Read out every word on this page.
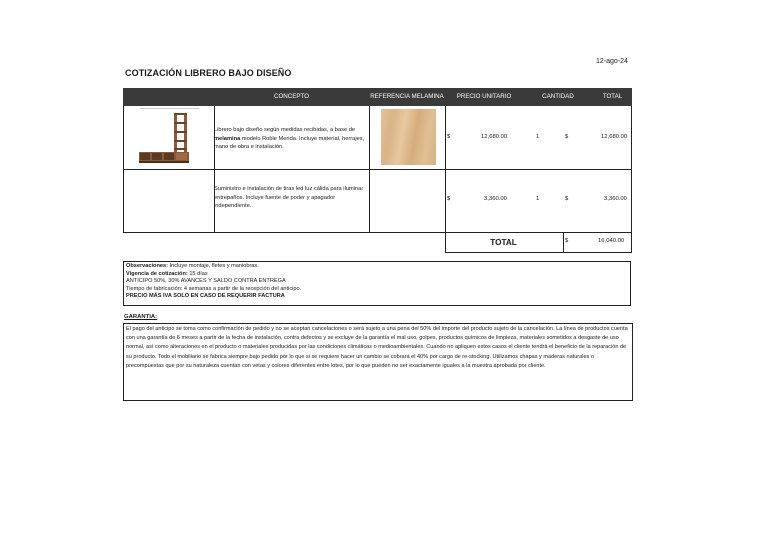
12-ago-24
COTIZACIÓN LIBRERO BAJO DISEÑO
CONCEPTO	REFERENCIA MELAMINA	PRECIO UNITARIO	CANTIDAD	TOTAL
Librero bajo diseño según medidas recibidas, a base de melamina modelo Roble Merida. Incluye material, herrajes, mano de obra e instalación.
$	12,680.00	1	$	12,680.00
Suministro e instalación de tiras led luz cálida para iluminar entrepaños. Incluye fuente de poder y apagador independiente.
$	3,360.00	1	$	3,360.00
TOTAL	$	16,040.00
Observaciones: Incluye montaje, fletes y maniobras.
Vigencia de cotización: 15 días
ANTICIPO 50%, 30% AVANCES Y SALDO CONTRA ENTREGA
Tiempo de fabricación: 4 semanas a partir de la recepción del anticipo.
PRECIO MÁS IVA SOLO EN CASO DE REQUERIR FACTURA
GARANTIA:
El pago del anticipo se toma como confirmación de pedido y no se aceptan cancelaciones o será sujeto a una pena del 50% del importe del producto sujeto de la cancelación. La línea de productos cuenta con una garantía de 6 meses a partir de la fecha de instalación, contra defectos y se excluye de la garantía el mal uso, golpes, productos químicos de limpieza, materiales sometidos a desgaste de uso normal, así como alteraciones en el producto o materiales producidas por las condiciones climáticas o medioambientales. Cuando no apliquen estos casos el cliente tendrá el beneficio de la reparación de su producto. Todo el mobiliario se fabrica siempre bajo pedido por lo que si se requiere hacer un cambio se cobrará el 40% por cargo de re-stocking. Utilizamos chapas y maderas naturales o precompuestas que por su naturaleza cuentan con vetas y colores diferentes entre lotes, por lo que pueden no ser exactamente iguales a la muestra aprobada por cliente.
